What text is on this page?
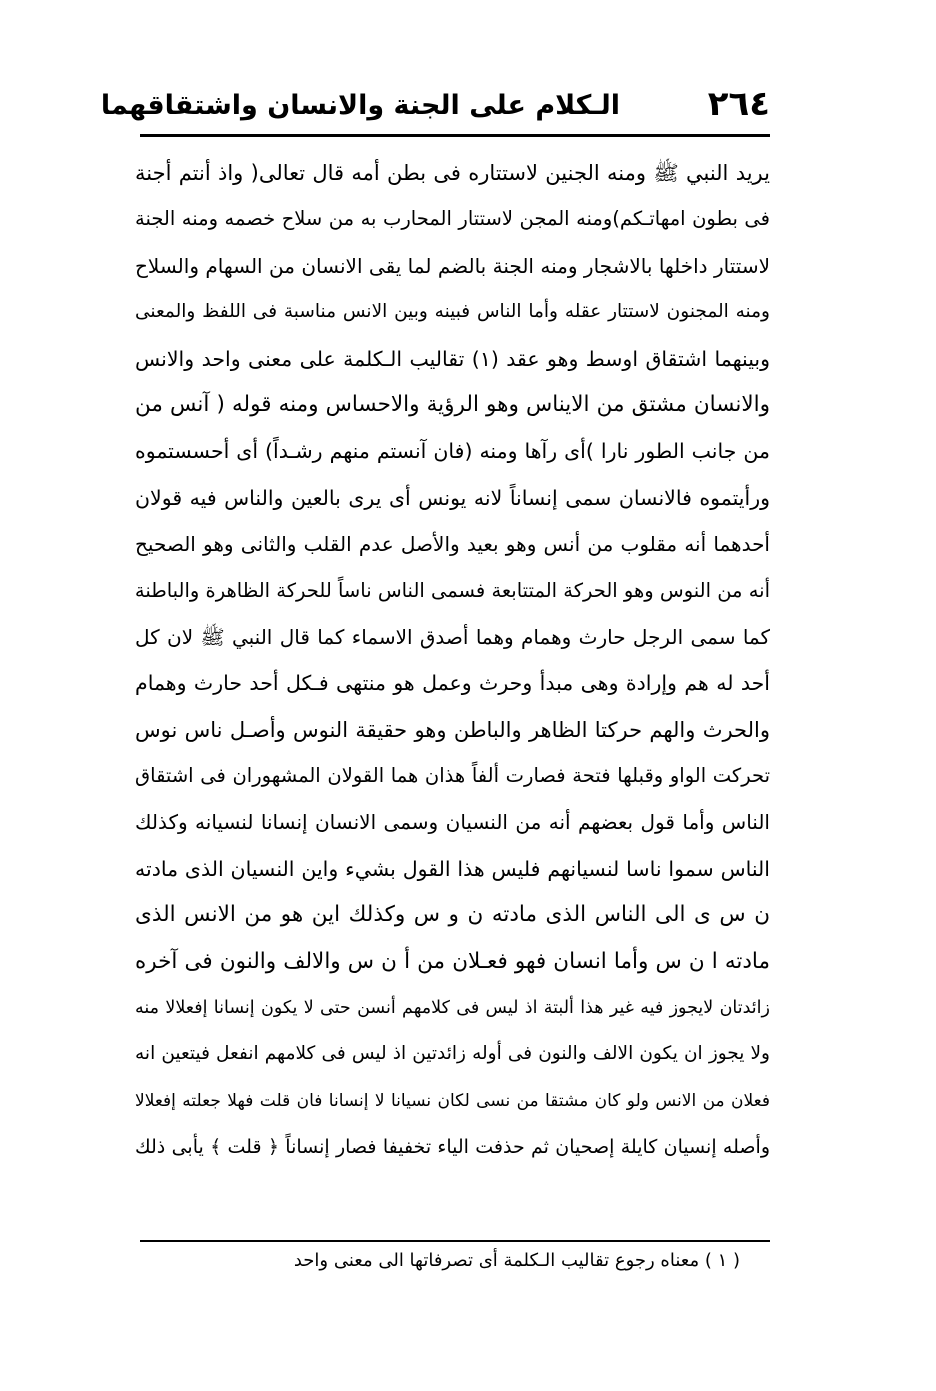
٢٦٤
الـكلام على الجنة والانسان واشتقاقهما
يريد النبي ﷺ ومنه الجنين لاستتاره فى بطن أمه قال تعالى( واذ أنتم أجنة
فى بطون امهاتـكم)ومنه المجن لاستتار المحارب به من سلاح خصمه ومنه الجنة
لاستتار داخلها بالاشجار ومنه الجنة بالضم لما يقى الانسان من السهام والسلاح
ومنه المجنون لاستتار عقله وأما الناس فبينه وبين الانس مناسبة فى اللفظ والمعنى
وبينهما اشتقاق اوسط وهو عقد (١) تقاليب الـكلمة على معنى واحد والانس
والانسان مشتق من الايناس وهو الرؤية والاحساس ومنه قوله ( آنس من
من جانب الطور نارا )أى رآها ومنه (فان آنستم منهم رشـداً) أى أحسستموه
ورأيتموه فالانسان سمى إنساناً لانه يونس أى يرى بالعين والناس فيه قولان
أحدهما أنه مقلوب من أنس وهو بعيد والأصل عدم القلب والثانى وهو الصحيح
أنه من النوس وهو الحركة المتتابعة فسمى الناس ناساً للحركة الظاهرة والباطنة
كما سمى الرجل حارث وهمام وهما أصدق الاسماء كما قال النبي ﷺ لان كل
أحد له هم وإرادة وهى مبدأ وحرث وعمل هو منتهى فـكل أحد حارث وهمام
والحرث والهم حركتا الظاهر والباطن وهو حقيقة النوس وأصـل ناس نوس
تحركت الواو وقبلها فتحة فصارت ألفاً هذان هما القولان المشهوران فى اشتقاق
الناس وأما قول بعضهم أنه من النسيان وسمى الانسان إنسانا لنسيانه وكذلك
الناس سموا ناسا لنسيانهم فليس هذا القول بشيء واين النسيان الذى مادته
ن س ى الى الناس الذى مادته ن و س وكذلك اين هو من الانس الذى
مادته ا ن س وأما انسان فهو فعـلان من أ ن س والالف والنون فى آخره
زائدتان لايجوز فيه غير هذا ألبتة اذ ليس فى كلامهم أنسن حتى لا يكون إنسانا إفعلالا منه
ولا يجوز ان يكون الالف والنون فى أوله زائدتين اذ ليس فى كلامهم انفعل فيتعين انه
فعلان من الانس ولو كان مشتقا من نسى لكان نسيانا لا إنسانا فان قلت فهلا جعلته إفعلالا
وأصله إنسيان كايلة إصحيان ثم حذفت الياء تخفيفا فصار إنساناً ﴿ قلت ﴾ يأبى ذلك
( ١ ) معناه رجوع تقاليب الـكلمة أى تصرفاتها الى معنى واحد
